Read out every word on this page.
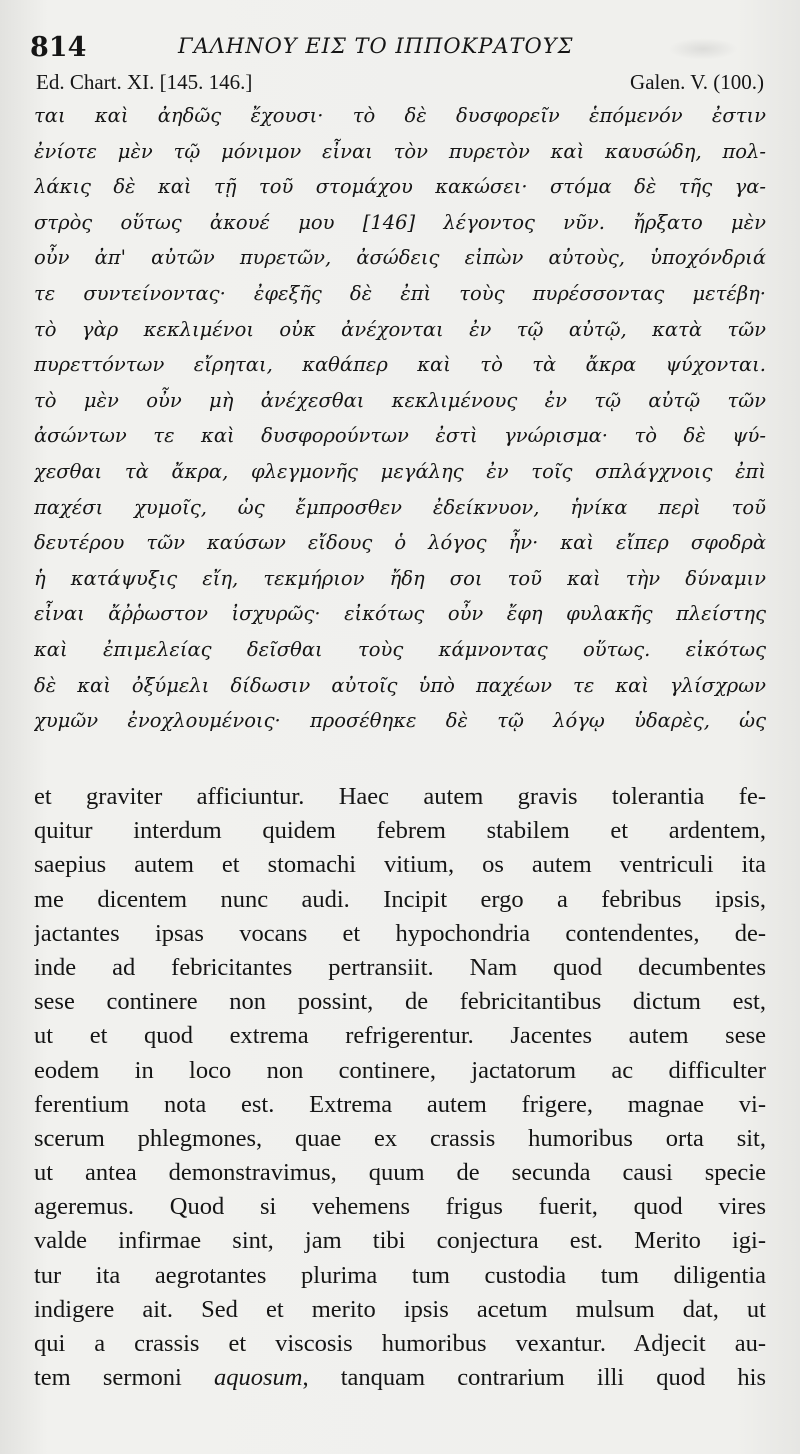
814	ΓΑΛΗΝΟΥ ΕΙΣ ΤΟ ΙΠΠΟΚΡΑΤΟΥΣ
Ed. Chart. XI. [145. 146.]	Galen. V. (100.)
ται καὶ ἀηδῶς ἔχουσι· τὸ δὲ δυσφορεῖν ἑπόμενόν ἐστιν
ἐνίοτε μὲν τῷ μόνιμον εἶναι τὸν πυρετὸν καὶ καυσώδη, πολ-
λάκις δὲ καὶ τῇ τοῦ στομάχου κακώσει· στόμα δὲ τῆς γα-
στρὸς οὕτως ἀκουέ μου [146] λέγοντος νῦν. ἤρξατο μὲν
οὖν ἀπ' αὐτῶν πυρετῶν, ἀσώδεις εἰπὼν αὐτοὺς, ὑποχόνδριά
τε συντείνοντας· ἐφεξῆς δὲ ἐπὶ τοὺς πυρέσσοντας μετέβη·
τὸ γὰρ κεκλιμένοι οὐκ ἀνέχονται ἐν τῷ αὐτῷ, κατὰ τῶν
πυρεττόντων εἴρηται, καθάπερ καὶ τὸ τὰ ἄκρα ψύχονται.
τὸ μὲν οὖν μὴ ἀνέχεσθαι κεκλιμένους ἐν τῷ αὐτῷ τῶν
ἀσώντων τε καὶ δυσφορούντων ἐστὶ γνώρισμα· τὸ δὲ ψύ-
χεσθαι τὰ ἄκρα, φλεγμονῆς μεγάλης ἐν τοῖς σπλάγχνοις ἐπὶ
παχέσι χυμοῖς, ὡς ἔμπροσθεν ἐδείκνυον, ἡνίκα περὶ τοῦ
δευτέρου τῶν καύσων εἴδους ὁ λόγος ἦν· καὶ εἴπερ σφοδρὰ
ἡ κατάψυξις εἴη, τεκμήριον ἤδη σοι τοῦ καὶ τὴν δύναμιν
εἶναι ἄῤῥωστον ἰσχυρῶς· εἰκότως οὖν ἔφη φυλακῆς πλείστης
καὶ ἐπιμελείας δεῖσθαι τοὺς κάμνοντας οὕτως. εἰκότως
δὲ καὶ ὀξύμελι δίδωσιν αὐτοῖς ὑπὸ παχέων τε καὶ γλίσχρων
χυμῶν ἐνοχλουμένοις· προσέθηκε δὲ τῷ λόγῳ ὑδαρὲς, ὡς
et graviter afficiuntur. Haec autem gravis tolerantia fe-
quitur interdum quidem febrem stabilem et ardentem,
saepius autem et stomachi vitium, os autem ventriculi ita
me dicentem nunc audi. Incipit ergo a febribus ipsis,
jactantes ipsas vocans et hypochondria contendentes, de-
inde ad febricitantes pertransiit. Nam quod decumbentes
sese continere non possint, de febricitantibus dictum est,
ut et quod extrema refrigerentur. Jacentes autem sese
eodem in loco non continere, jactatorum ac difficulter
ferentium nota est. Extrema autem frigere, magnae vi-
scerum phlegmones, quae ex crassis humoribus orta sit,
ut antea demonstravimus, quum de secunda causi specie
ageremus. Quod si vehemens frigus fuerit, quod vires
valde infirmae sint, jam tibi conjectura est. Merito igi-
tur ita aegrotantes plurima tum custodia tum diligentia
indigere ait. Sed et merito ipsis acetum mulsum dat, ut
qui a crassis et viscosis humoribus vexantur. Adjecit au-
tem sermoni aquosum, tanquam contrarium illi quod his
